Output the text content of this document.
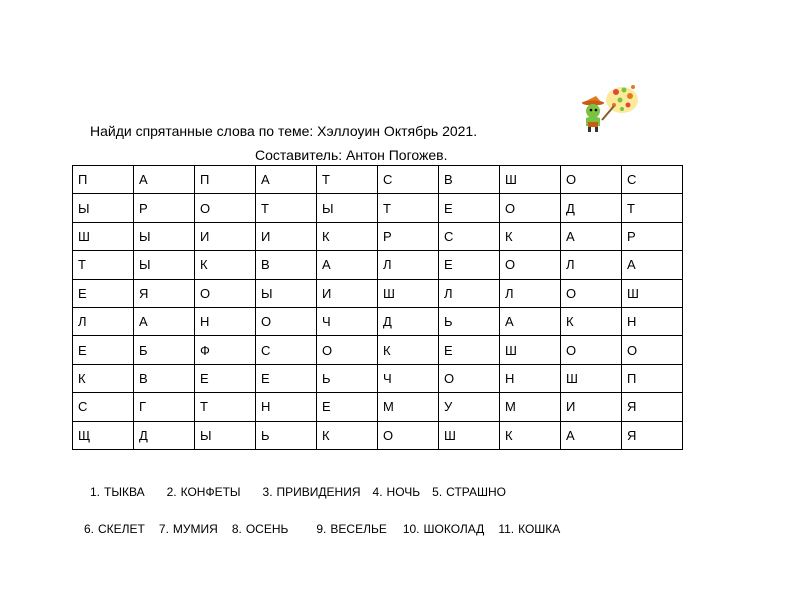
Найди спрятанные слова по теме: Хэллоуин Октябрь 2021.
Составитель: Антон Погожев.
П	А	П	А	Т	С	В	Ш	О	С
Ы	Р	О	Т	Ы	Т	Е	О	Д	Т
Ш	Ы	И	И	К	Р	С	К	А	Р
Т	Ы	К	В	А	Л	Е	О	Л	А
Е	Я	О	Ы	И	Ш	Л	Л	О	Ш
Л	А	Н	О	Ч	Д	Ь	А	К	Н
Е	Б	Ф	С	О	К	Е	Ш	О	О
К	В	Е	Е	Ь	Ч	О	Н	Ш	П
С	Г	Т	Н	Е	М	У	М	И	Я
Щ	Д	Ы	Ь	К	О	Ш	К	А	Я
1. ТЫКВА 2. КОНФЕТЫ 3. ПРИВИДЕНИЯ 4. НОЧЬ 5. СТРАШНО
6. СКЕЛЕТ 7. МУМИЯ 8. ОСЕНЬ 9. ВЕСЕЛЬЕ 10. ШОКОЛАД 11. КОШКА
